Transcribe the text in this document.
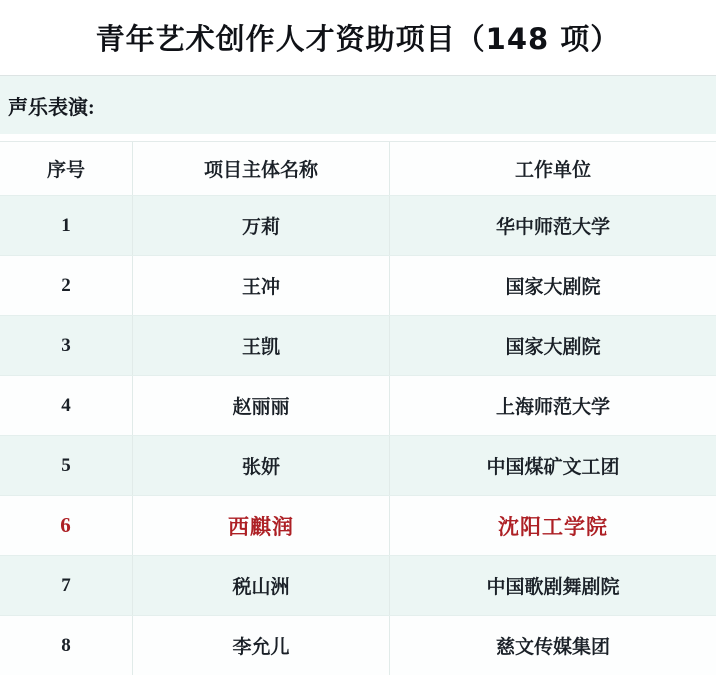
青年艺术创作人才资助项目（148 项）
声乐表演:
序号	项目主体名称	工作单位
1	万莉	华中师范大学
2	王冲	国家大剧院
3	王凯	国家大剧院
4	赵丽丽	上海师范大学
5	张妍	中国煤矿文工团
6	西麒润	沈阳工学院
7	税山洲	中国歌剧舞剧院
8	李允儿	慈文传媒集团
